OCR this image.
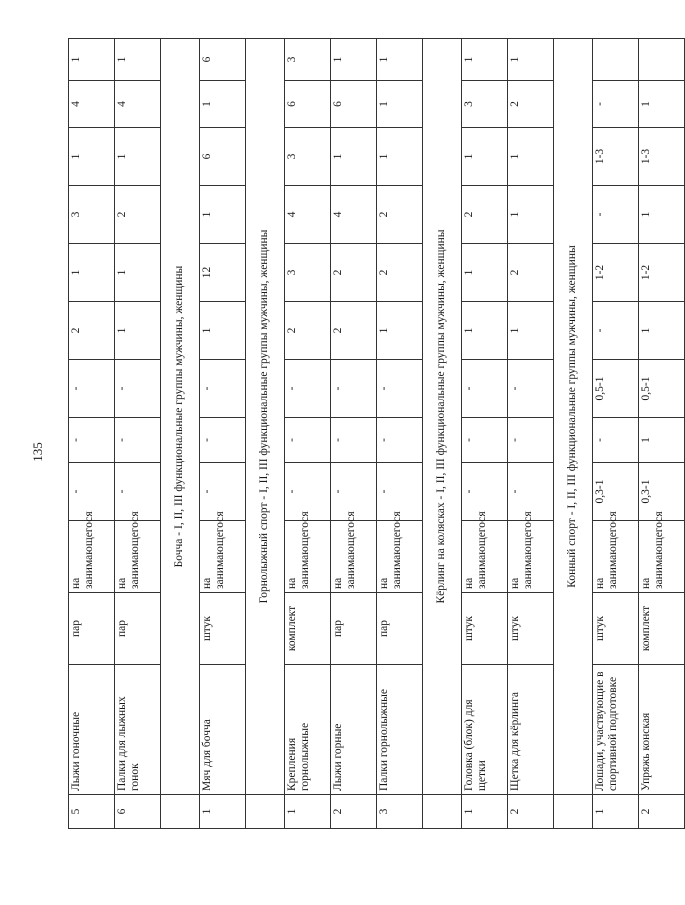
135
5	Лыжи гоночные	пар	на занимающегося	-	-	-	2	1	3	1	4	1
6	Палки для лыжных гонок	пар	на занимающегося	-	-	-	1	1	2	1	4	1
	Бочча - I, II, III функциональные группы мужчины, женщины											
1	Мяч для бочча	штук	на занимающегося	-	-	-	1	12	1	6	1	6
	Горнолыжный спорт - I, II, III функциональные группы мужчины, женщины											
1	Крепления горнолыжные	комплект	на занимающегося	-	-	-	2	3	4	3	6	3
2	Лыжи горные	пар	на занимающегося	-	-	-	2	2	4	1	6	1
3	Палки горнолыжные	пар	на занимающегося	-	-	-	1	2	2	1	1	1
	Кёрлинг на колясках - I, II, III функциональные группы мужчины, женщины											
1	Головка (блок) для щетки	штук	на занимающегося	-	-	-	1	1	2	1	3	1
2	Щетка для кёрлинга	штук	на занимающегося	-	-	-	1	2	1	1	2	1
	Конный спорт - I, II, III функциональные группы мужчины, женщины											
1	Лошади, участвующие в спортивной подготовке	штук	на занимающегося	0,3-1	-	0,5-1	-	1-2	-	1-3	-	
2	Упряжь конская	комплект	на занимающегося	0,3-1	1	0,5-1	1	1-2	1	1-3	1	
